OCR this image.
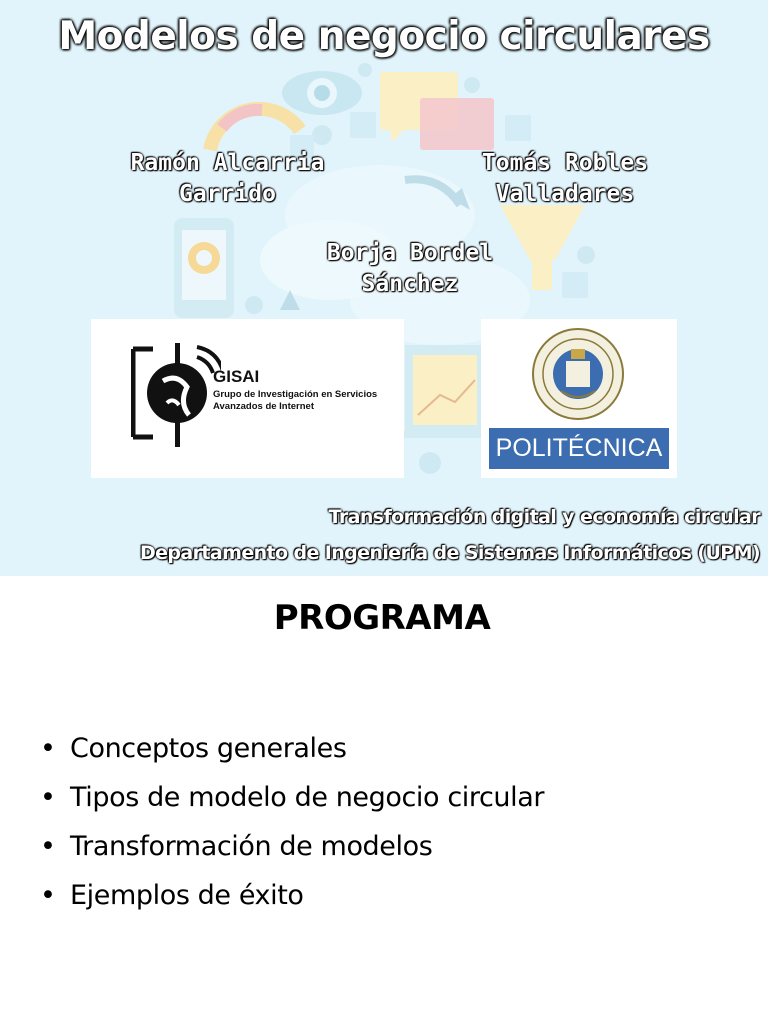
Modelos de negocio circulares
Ramón Alcarria
Garrido
Tomás Robles
Valladares
Borja Bordel
Sánchez
GISAI
Grupo de Investigación en Servicios Avanzados de Internet
POLITÉCNICA
Transformación digital y economía circular
Departamento de Ingeniería de Sistemas Informáticos (UPM)
PROGRAMA
• Conceptos generales
• Tipos de modelo de negocio circular
• Transformación de modelos
• Ejemplos de éxito
